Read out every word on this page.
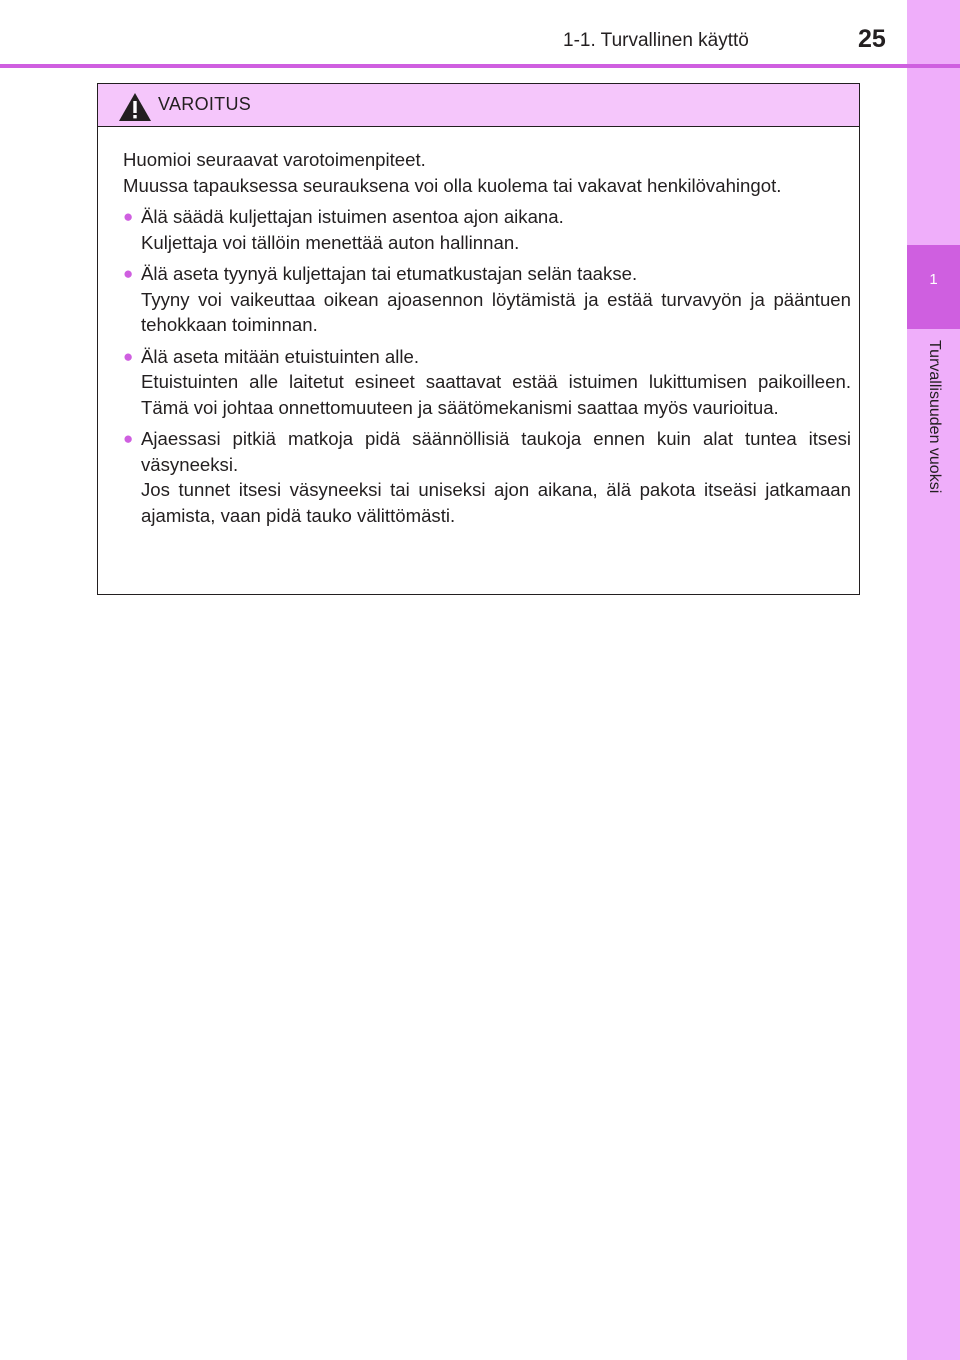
1
Turvallisuuden vuoksi
1-1. Turvallinen käyttö	25
VAROITUS

Huomioi seuraavat varotoimenpiteet.

Muussa tapauksessa seurauksena voi olla kuolema tai vakavat henkilövahingot.

● Älä säädä kuljettajan istuimen asentoa ajon aikana.

Kuljettaja voi tällöin menettää auton hallinnan.

● Älä aseta tyynyä kuljettajan tai etumatkustajan selän taakse.

Tyyny voi vaikeuttaa oikean ajoasennon löytämistä ja estää turvavyön ja pääntuen tehokkaan toiminnan.

● Älä aseta mitään etuistuinten alle.

Etuistuinten alle laitetut esineet saattavat estää istuimen lukittumisen paikoilleen. Tämä voi johtaa onnettomuuteen ja säätömekanismi saattaa myös vaurioitua.

● Ajaessasi pitkiä matkoja pidä säännöllisiä taukoja ennen kuin alat tuntea itsesi väsyneeksi.

Jos tunnet itsesi väsyneeksi tai uniseksi ajon aikana, älä pakota itseäsi jatkamaan ajamista, vaan pidä tauko välittömästi.
